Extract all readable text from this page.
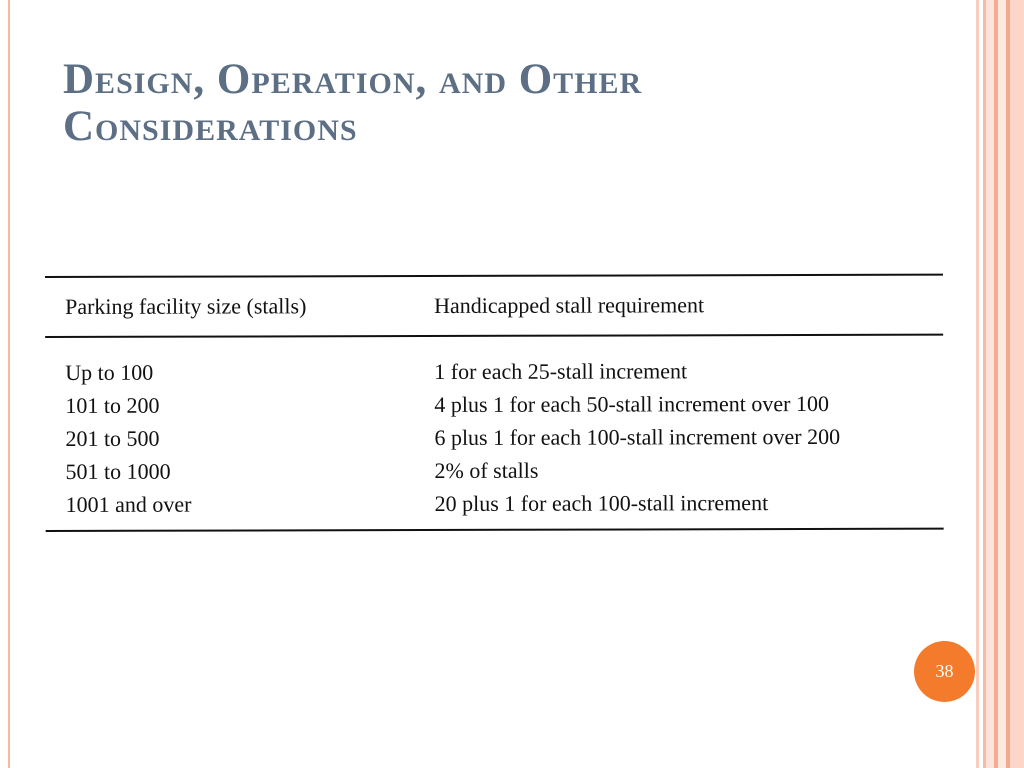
Design, Operation, and Other Considerations
Parking facility size (stalls)	Handicapped stall requirement
Up to 100	1 for each 25-stall increment
101 to 200	4 plus 1 for each 50-stall increment over 100
201 to 500	6 plus 1 for each 100-stall increment over 200
501 to 1000	2% of stalls
1001 and over	20 plus 1 for each 100-stall increment
38
